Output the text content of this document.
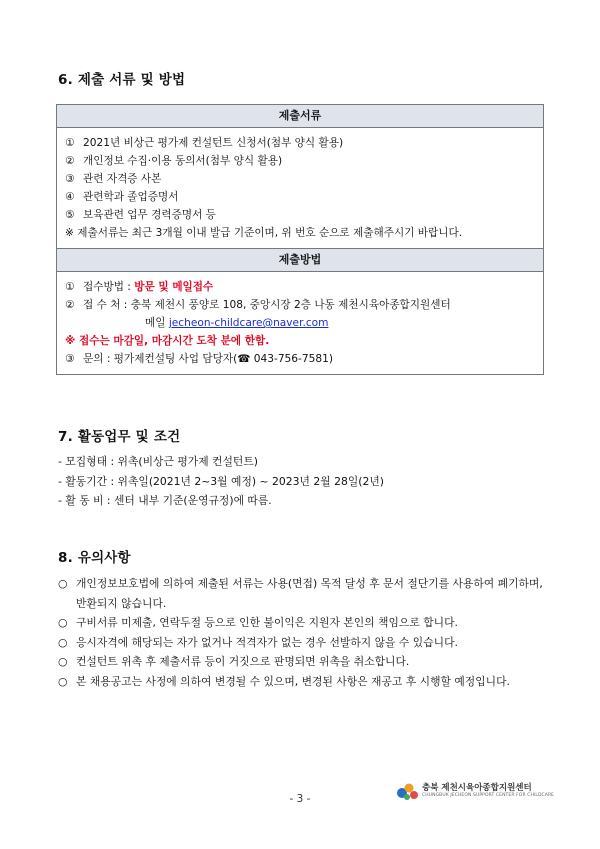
6. 제출 서류 및 방법
제출서류

① 2021년 비상근 평가제 컨설턴트 신청서(첨부 양식 활용)
② 개인정보 수집·이용 동의서(첨부 양식 활용)
③ 관련 자격증 사본
④ 관련학과 졸업증명서
⑤ 보육관련 업무 경력증명서 등
※ 제출서류는 최근 3개월 이내 발급 기준이며, 위 번호 순으로 제출해주시기 바랍니다.

제출방법

① 접수방법 : 방문 및 메일접수
② 접 수 처 : 충북 제천시 풍양로 108, 중앙시장 2층 나동 제천시육아종합지원센터
메일 jecheon-childcare@naver.com
※ 접수는 마감일, 마감시간 도착 분에 한함.
③ 문의 : 평가제컨설팅 사업 담당자(☎ 043-756-7581)
7. 활동업무 및 조건
- 모집형태 : 위촉(비상근 평가제 컨설턴트)
- 활동기간 : 위촉일(2021년 2~3월 예정) ~ 2023년 2월 28일(2년)
- 활 동 비 : 센터 내부 기준(운영규정)에 따름.
8. 유의사항
○ 개인정보보호법에 의하여 제출된 서류는 사용(면접) 목적 달성 후 문서 절단기를 사용하여 폐기하며, 반환되지 않습니다.
○ 구비서류 미제출, 연락두절 등으로 인한 불이익은 지원자 본인의 책임으로 합니다.
○ 응시자격에 해당되는 자가 없거나 적격자가 없는 경우 선발하지 않을 수 있습니다.
○ 컨설턴트 위촉 후 제출서류 등이 거짓으로 판명되면 위촉을 취소합니다.
○ 본 채용공고는 사정에 의하여 변경될 수 있으며, 변경된 사항은 재공고 후 시행할 예정입니다.
충북 제천시육아종합지원센터
CHUNGBUK JECHEON SUPPORT CENTER FOR CHILDCARE
- 3 -
